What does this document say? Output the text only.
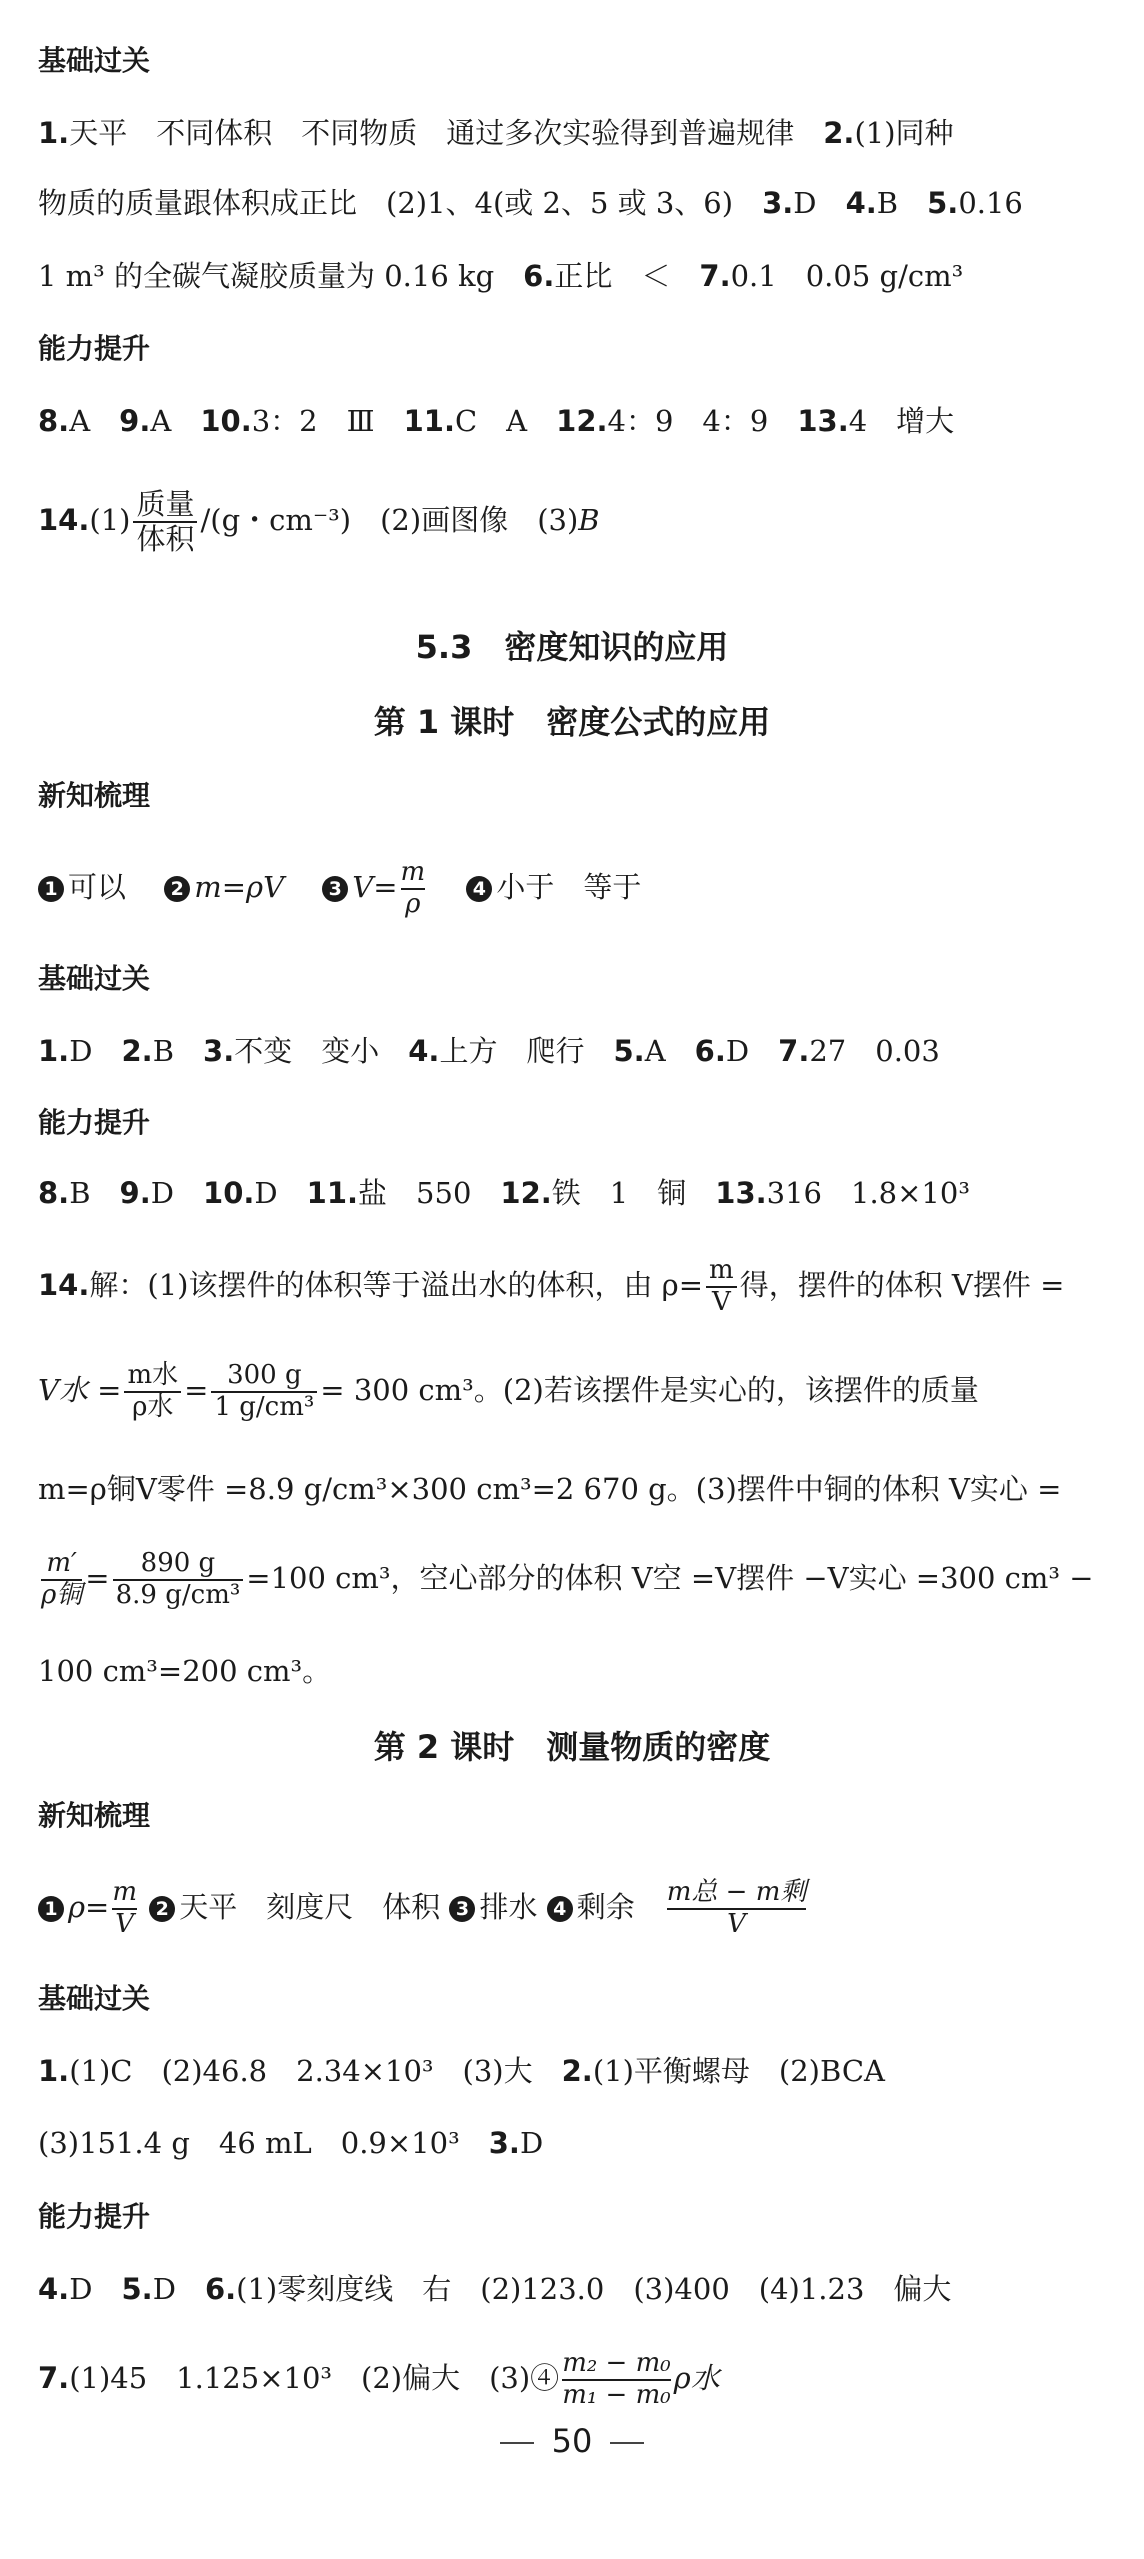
基础过关
1.天平　不同体积　不同物质　通过多次实验得到普遍规律　 2.(1)同种
物质的质量跟体积成正比　(2)1、4(或 2、5 或 3、6)　 3.D　 4.B　 5.0.16
1 m³ 的全碳气凝胶质量为 0.16 kg　 6.正比　＜　 7.0.1　0.05 g/cm³
能力提升
8.A　 9.A　 10.3：2　Ⅲ　 11.C　A　 12.4：9　4：9　 13.4　增大
$14.(1) \frac{\text{质量}}{\text{体积}} /(g$・cm⁻³)　(2)画图像　(3)B
5.3　密度知识的应用
第 1 课时　密度公式的应用
新知梳理
1 可以　 2 m=ρV　 3 $V= \frac{m}{\rho}$
　	4 小于　等于
基础过关
1.D　 2.B　 3.不变　变小　 4.上方　爬行　 5.A　 6.D　 7.27　0.03
能力提升
8.B　 9.D　 10.D　 11.盐　550　 12.铁　1　铜　 13.316　1.8×10³
14.解：(1)该摆件的体积等于溢出水的体积，由 $\rho= \frac{m}{V}$ 得，摆件的体积 V摆件 =
V水 = $\frac{\text{m水}}{\text{ρ水}} = \frac{300 g}{\text{1 g/cm³}} = 300$ cm³。(2)若该摆件是实心的，该摆件的质量
m=ρ铜V零件 =8.9 g/cm³×300 cm³=2 670 g。(3)摆件中铜的体积 V实心 =
$\frac{m'}{\text{ρ铜}} = \frac{890 g}{\text{8.9 g/cm³}} =100$ cm³，空心部分的体积 V空 =V摆件 −V实心 =300 cm³ −
100 cm³=200 cm³。
第 2 课时　测量物质的密度
新知梳理
1 $\rho= \frac{m}{V} 2$ 天平　刻度尺　体积 3 排水 4 剩余　 $\frac{\text{m总 − m剩}}{V}$
基础过关
1.(1)C　(2)46.8　2.34×10³　(3)大　 2.(1)平衡螺母　(2)BCA
(3)151.4 g　46 mL　0.9×10³　 3.D
能力提升
4.D　 5.D　 6.(1)零刻度线　右　(2)123.0　(3)400　(4)1.23　偏大
7.(1)45　1.125×10³　(2)偏大　(3)④ $\frac{\text{m₂ − m₀}}{\text{m₁ − m₀}}$ ρ水
50
